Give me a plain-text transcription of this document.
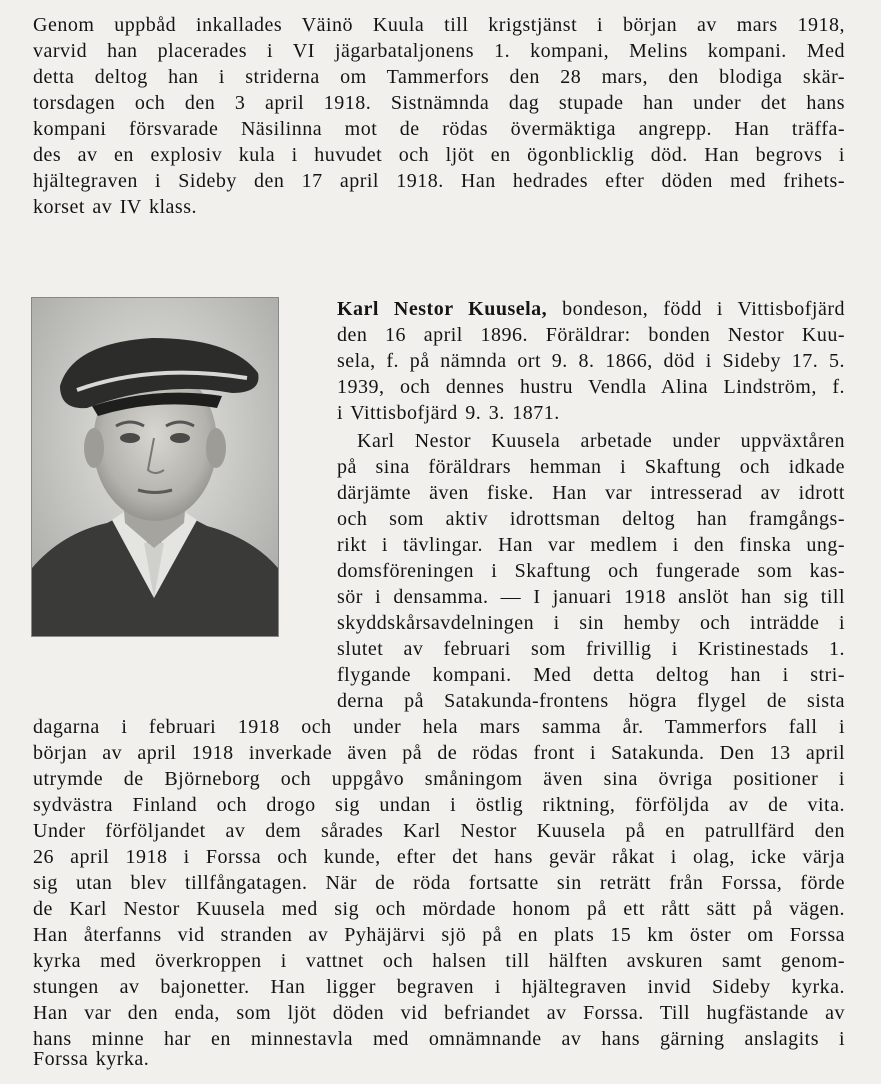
Genom uppbåd inkallades Väinö Kuula till krigstjänst i början av mars 1918,
varvid han placerades i VI jägarbataljonens 1. kompani, Melins kompani. Med
detta deltog han i striderna om Tammerfors den 28 mars, den blodiga skär-
torsdagen och den 3 april 1918. Sistnämnda dag stupade han under det hans
kompani försvarade Näsilinna mot de rödas övermäktiga angrepp. Han träffa-
des av en explosiv kula i huvudet och ljöt en ögonblicklig död. Han begrovs i
hjältegraven i Sideby den 17 april 1918. Han hedrades efter döden med frihets-
korset av IV klass.
Karl Nestor Kuusela, bondeson, född i Vittisbofjärd
den 16 april 1896. Föräldrar: bonden Nestor Kuu-
sela, f. på nämnda ort 9. 8. 1866, död i Sideby 17. 5.
1939, och dennes hustru Vendla Alina Lindström, f.
i Vittisbofjärd 9. 3. 1871.
Karl Nestor Kuusela arbetade under uppväxtåren
på sina föräldrars hemman i Skaftung och idkade
därjämte även fiske. Han var intresserad av idrott
och som aktiv idrottsman deltog han framgångs-
rikt i tävlingar. Han var medlem i den finska ung-
domsföreningen i Skaftung och fungerade som kas-
sör i densamma. — I januari 1918 anslöt han sig till
skyddskårsavdelningen i sin hemby och inträdde i
slutet av februari som frivillig i Kristinestads 1.
flygande kompani. Med detta deltog han i stri-
derna på Satakunda-frontens högra flygel de sista
dagarna i februari 1918 och under hela mars samma år. Tammerfors fall i
början av april 1918 inverkade även på de rödas front i Satakunda. Den 13 april
utrymde de Björneborg och uppgåvo småningom även sina övriga positioner i
sydvästra Finland och drogo sig undan i östlig riktning, förföljda av de vita.
Under förföljandet av dem sårades Karl Nestor Kuusela på en patrullfärd den
26 april 1918 i Forssa och kunde, efter det hans gevär råkat i olag, icke värja
sig utan blev tillfångatagen. När de röda fortsatte sin reträtt från Forssa, förde
de Karl Nestor Kuusela med sig och mördade honom på ett rått sätt på vägen.
Han återfanns vid stranden av Pyhäjärvi sjö på en plats 15 km öster om Forssa
kyrka med överkroppen i vattnet och halsen till hälften avskuren samt genom-
stungen av bajonetter. Han ligger begraven i hjältegraven invid Sideby kyrka.
Han var den enda, som ljöt döden vid befriandet av Forssa. Till hugfästande av
hans minne har en minnestavla med omnämnande av hans gärning anslagits i
Forssa kyrka.
